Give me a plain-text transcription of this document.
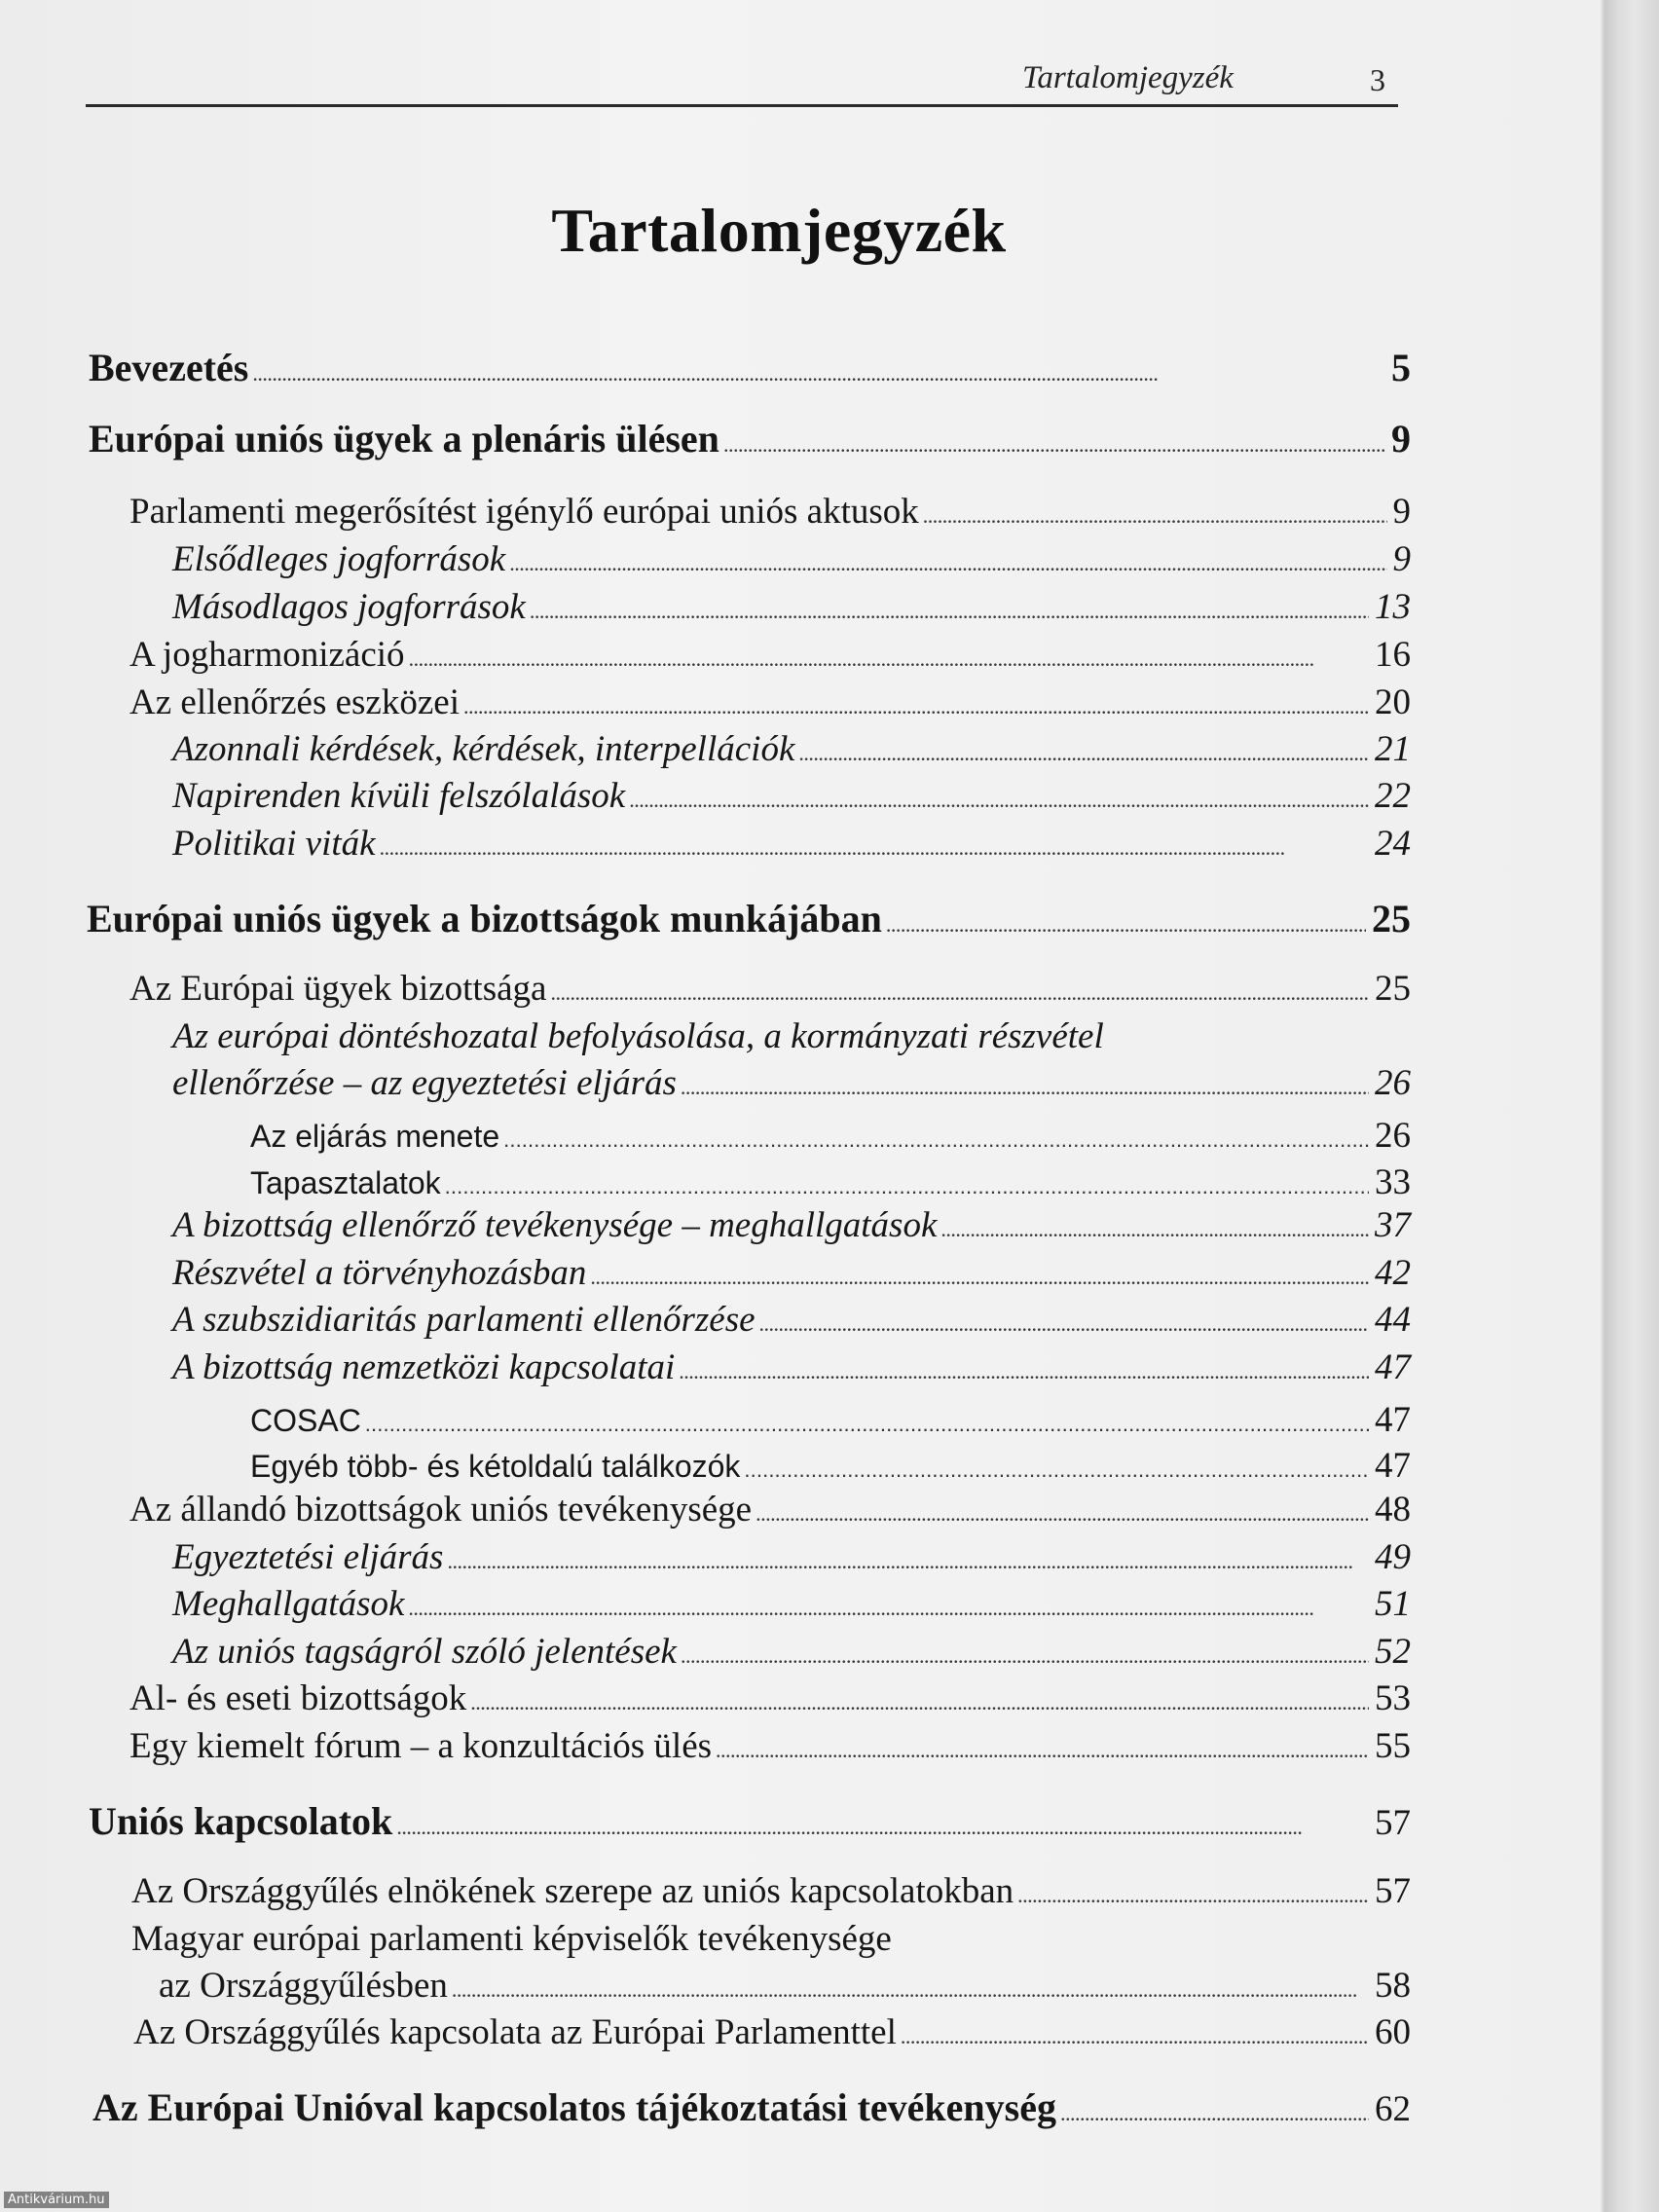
Tartalomjegyzék	3
Tartalomjegyzék
Bevezetés . . .	5
Európai uniós ügyek a plenáris ülésen . . .	9
Parlamenti megerősítést igénylő európai uniós aktusok . . .	9
Elsődleges jogforrások . . .	9
Másodlagos jogforrások . . .	13
A jogharmonizáció . . .	16
Az ellenőrzés eszközei . . .	20
Azonnali kérdések, kérdések, interpellációk . . .	21
Napirenden kívüli felszólalások . . .	22
Politikai viták . . .	24
Európai uniós ügyek a bizottságok munkájában . . .	25
Az Európai ügyek bizottsága . . .	25
Az európai döntéshozatal befolyásolása, a kormányzati részvétel
ellenőrzése – az egyeztetési eljárás . . .	26
Az eljárás menete . . .	26
Tapasztalatok . . .	33
A bizottság ellenőrző tevékenysége – meghallgatások . . .	37
Részvétel a törvényhozásban . . .	42
A szubszidiaritás parlamenti ellenőrzése . . .	44
A bizottság nemzetközi kapcsolatai . . .	47
COSAC . . .	47
Egyéb több- és kétoldalú találkozók . . .	47
Az állandó bizottságok uniós tevékenysége . . .	48
Egyeztetési eljárás . . .	49
Meghallgatások . . .	51
Az uniós tagságról szóló jelentések . . .	52
Al- és eseti bizottságok . . .	53
Egy kiemelt fórum – a konzultációs ülés . . .	55
Uniós kapcsolatok . . .	57
Az Országgyűlés elnökének szerepe az uniós kapcsolatokban . . .	57
Magyar európai parlamenti képviselők tevékenysége
az Országgyűlésben . . .	58
Az Országgyűlés kapcsolata az Európai Parlamenttel . . .	60
Az Európai Unióval kapcsolatos tájékoztatási tevékenység . . .	62
Antikvárium.hu
